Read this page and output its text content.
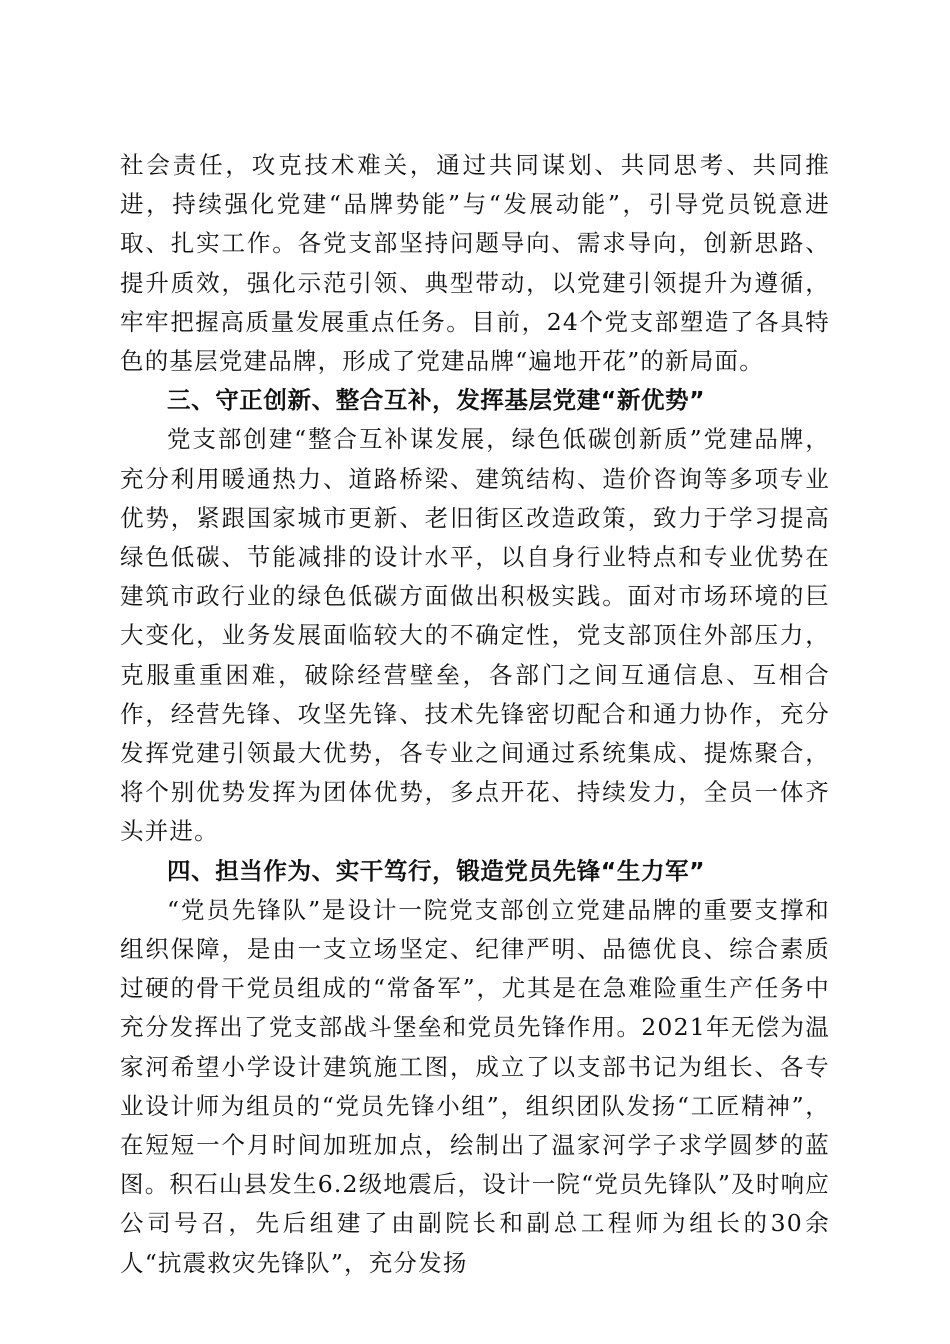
社会责任，攻克技术难关，通过共同谋划、共同思考、共同推进，持续强化党建“品牌势能”与“发展动能”，引导党员锐意进取、扎实工作。各党支部坚持问题导向、需求导向，创新思路、提升质效，强化示范引领、典型带动，以党建引领提升为遵循，牢牢把握高质量发展重点任务。目前，24个党支部塑造了各具特色的基层党建品牌，形成了党建品牌“遍地开花”的新局面。

三、守正创新、整合互补，发挥基层党建“新优势”

党支部创建“整合互补谋发展，绿色低碳创新质”党建品牌，充分利用暖通热力、道路桥梁、建筑结构、造价咨询等多项专业优势，紧跟国家城市更新、老旧街区改造政策，致力于学习提高绿色低碳、节能减排的设计水平，以自身行业特点和专业优势在建筑市政行业的绿色低碳方面做出积极实践。面对市场环境的巨大变化，业务发展面临较大的不确定性，党支部顶住外部压力，克服重重困难，破除经营壁垒，各部门之间互通信息、互相合作，经营先锋、攻坚先锋、技术先锋密切配合和通力协作，充分发挥党建引领最大优势，各专业之间通过系统集成、提炼聚合，将个别优势发挥为团体优势，多点开花、持续发力，全员一体齐头并进。

四、担当作为、实干笃行，锻造党员先锋“生力军”

“党员先锋队”是设计一院党支部创立党建品牌的重要支撑和组织保障，是由一支立场坚定、纪律严明、品德优良、综合素质过硬的骨干党员组成的“常备军”，尤其是在急难险重生产任务中充分发挥出了党支部战斗堡垒和党员先锋作用。2021年无偿为温家河希望小学设计建筑施工图，成立了以支部书记为组长、各专业设计师为组员的“党员先锋小组”，组织团队发扬“工匠精神”，在短短一个月时间加班加点，绘制出了温家河学子求学圆梦的蓝图。积石山县发生6.2级地震后，设计一院“党员先锋队”及时响应公司号召，先后组建了由副院长和副总工程师为组长的30余人“抗震救灾先锋队”，充分发扬
